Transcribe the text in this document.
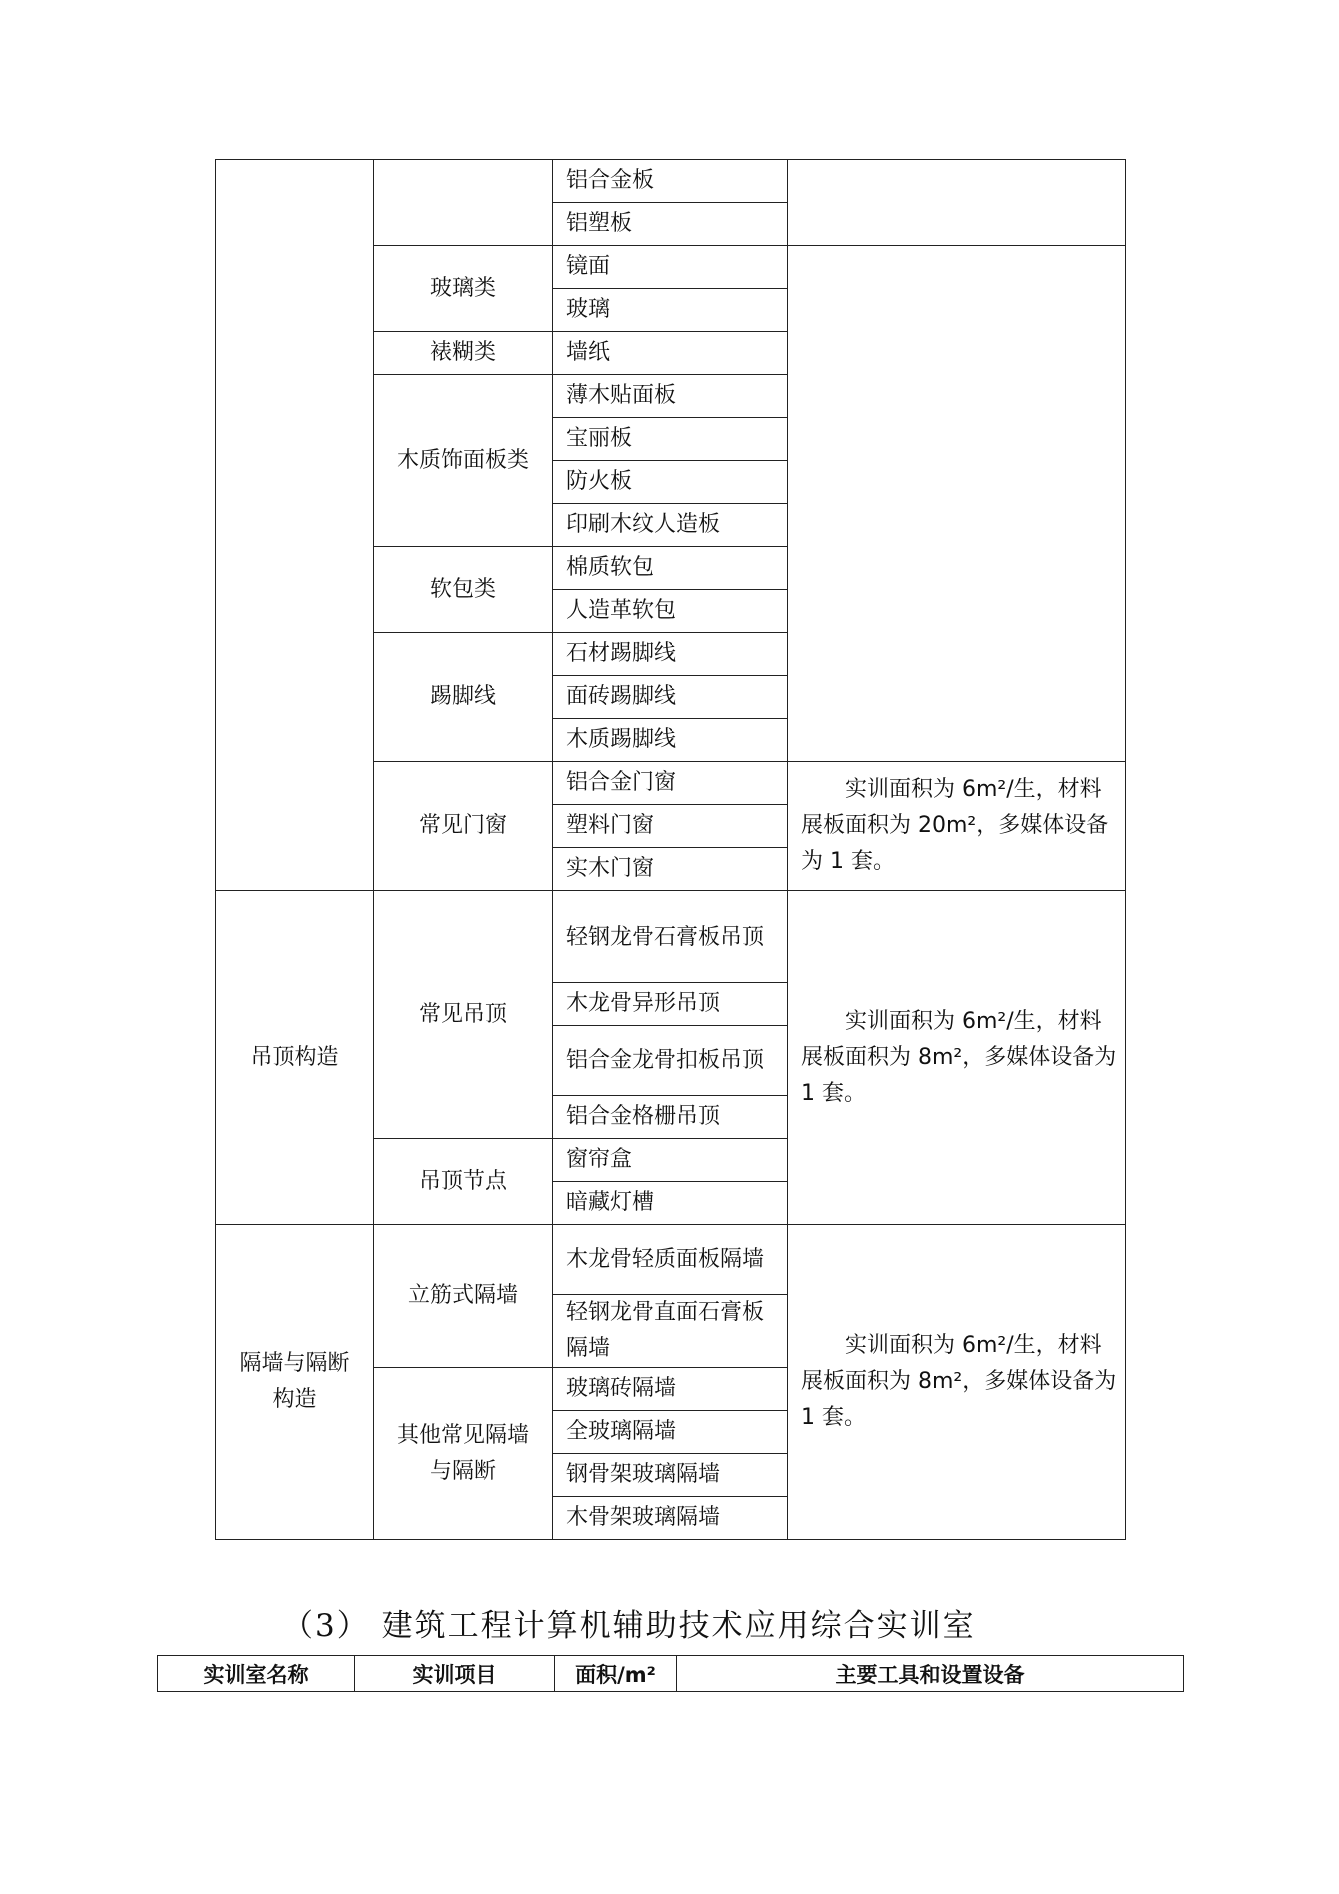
		铝合金板	
		铝塑板	
	玻璃类	镜面	
		玻璃	
	裱糊类	墙纸	
	木质饰面板类	薄木贴面板	
		宝丽板	
		防火板	
		印刷木纹人造板	
	软包类	棉质软包	
		人造革软包	
	踢脚线	石材踢脚线	
		面砖踢脚线	
		木质踢脚线	
	常见门窗	铝合金门窗	实训面积为 6m²/生，材料展板面积为 20m²，多媒体设备为 1 套。
		塑料门窗	
		实木门窗	
吊顶构造	常见吊顶	轻钢龙骨石膏板吊顶	实训面积为 6m²/生，材料展板面积为 8m²，多媒体设备为 1 套。
		木龙骨异形吊顶	
		铝合金龙骨扣板吊顶	
		铝合金格栅吊顶	
	吊顶节点	窗帘盒	
		暗藏灯槽	
隔墙与隔断构造	立筋式隔墙	木龙骨轻质面板隔墙	实训面积为 6m²/生，材料展板面积为 8m²，多媒体设备为 1 套。
		轻钢龙骨直面石膏板隔墙	
	其他常见隔墙与隔断	玻璃砖隔墙	
		全玻璃隔墙	
		钢骨架玻璃隔墙	
		木骨架玻璃隔墙	
（3） 建筑工程计算机辅助技术应用综合实训室
实训室名称	实训项目	面积/m²	主要工具和设置设备
